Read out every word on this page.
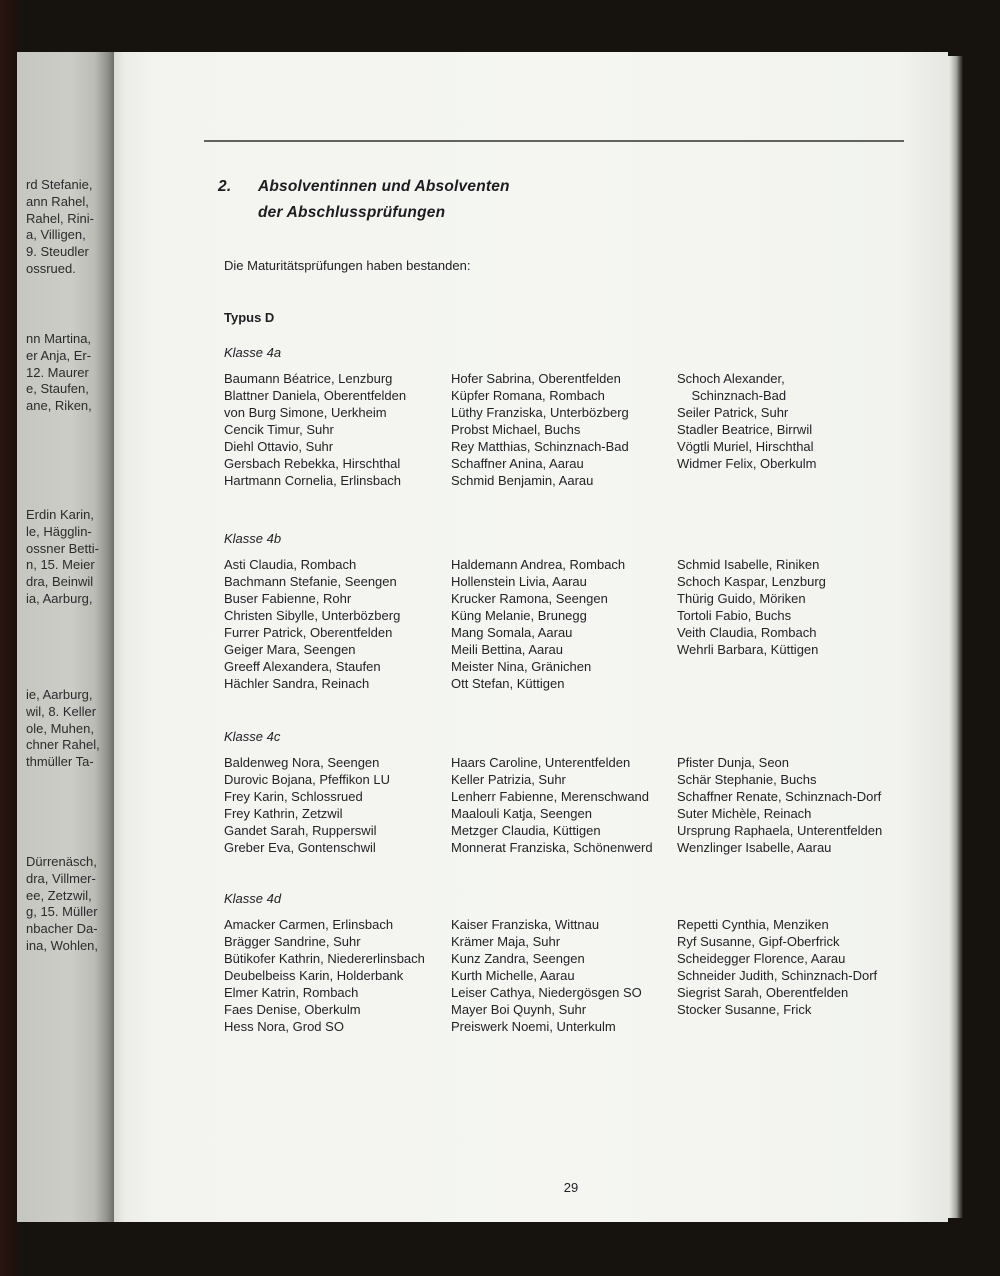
rd Stefanie,
ann Rahel,
Rahel, Rini-
a, Villigen,
9. Steudler
ossrued.
nn Martina,
er Anja, Er-
12. Maurer
e, Staufen,
ane, Riken,
Erdin Karin,
le, Hägglin-
ossner Betti-
n, 15. Meier
dra, Beinwil
ia, Aarburg,
ie, Aarburg,
wil, 8. Keller
ole, Muhen,
chner Rahel,
thmüller Ta-
Dürrenäsch,
dra, Villmer-
ee, Zetzwil,
g, 15. Müller
nbacher Da-
ina, Wohlen,
2.	Absolventinnen und Absolventen
der Abschlussprüfungen
Die Maturitätsprüfungen haben bestanden:
Typus D
Klasse 4a
Baumann Béatrice, Lenzburg
Blattner Daniela, Oberentfelden
von Burg Simone, Uerkheim
Cencik Timur, Suhr
Diehl Ottavio, Suhr
Gersbach Rebekka, Hirschthal
Hartmann Cornelia, Erlinsbach
Hofer Sabrina, Oberentfelden
Küpfer Romana, Rombach
Lüthy Franziska, Unterbözberg
Probst Michael, Buchs
Rey Matthias, Schinznach-Bad
Schaffner Anina, Aarau
Schmid Benjamin, Aarau
Schoch Alexander,
Schinznach-Bad
Seiler Patrick, Suhr
Stadler Beatrice, Birrwil
Vögtli Muriel, Hirschthal
Widmer Felix, Oberkulm
Klasse 4b
Asti Claudia, Rombach
Bachmann Stefanie, Seengen
Buser Fabienne, Rohr
Christen Sibylle, Unterbözberg
Furrer Patrick, Oberentfelden
Geiger Mara, Seengen
Greeff Alexandera, Staufen
Hächler Sandra, Reinach
Haldemann Andrea, Rombach
Hollenstein Livia, Aarau
Krucker Ramona, Seengen
Küng Melanie, Brunegg
Mang Somala, Aarau
Meili Bettina, Aarau
Meister Nina, Gränichen
Ott Stefan, Küttigen
Schmid Isabelle, Riniken
Schoch Kaspar, Lenzburg
Thürig Guido, Möriken
Tortoli Fabio, Buchs
Veith Claudia, Rombach
Wehrli Barbara, Küttigen
Klasse 4c
Baldenweg Nora, Seengen
Durovic Bojana, Pfeffikon LU
Frey Karin, Schlossrued
Frey Kathrin, Zetzwil
Gandet Sarah, Rupperswil
Greber Eva, Gontenschwil
Haars Caroline, Unterentfelden
Keller Patrizia, Suhr
Lenherr Fabienne, Merenschwand
Maalouli Katja, Seengen
Metzger Claudia, Küttigen
Monnerat Franziska, Schönenwerd
Pfister Dunja, Seon
Schär Stephanie, Buchs
Schaffner Renate, Schinznach-Dorf
Suter Michèle, Reinach
Ursprung Raphaela, Unterentfelden
Wenzlinger Isabelle, Aarau
Klasse 4d
Amacker Carmen, Erlinsbach
Brägger Sandrine, Suhr
Bütikofer Kathrin, Niedererlinsbach
Deubelbeiss Karin, Holderbank
Elmer Katrin, Rombach
Faes Denise, Oberkulm
Hess Nora, Grod SO
Kaiser Franziska, Wittnau
Krämer Maja, Suhr
Kunz Zandra, Seengen
Kurth Michelle, Aarau
Leiser Cathya, Niedergösgen SO
Mayer Boi Quynh, Suhr
Preiswerk Noemi, Unterkulm
Repetti Cynthia, Menziken
Ryf Susanne, Gipf-Oberfrick
Scheidegger Florence, Aarau
Schneider Judith, Schinznach-Dorf
Siegrist Sarah, Oberentfelden
Stocker Susanne, Frick
29
